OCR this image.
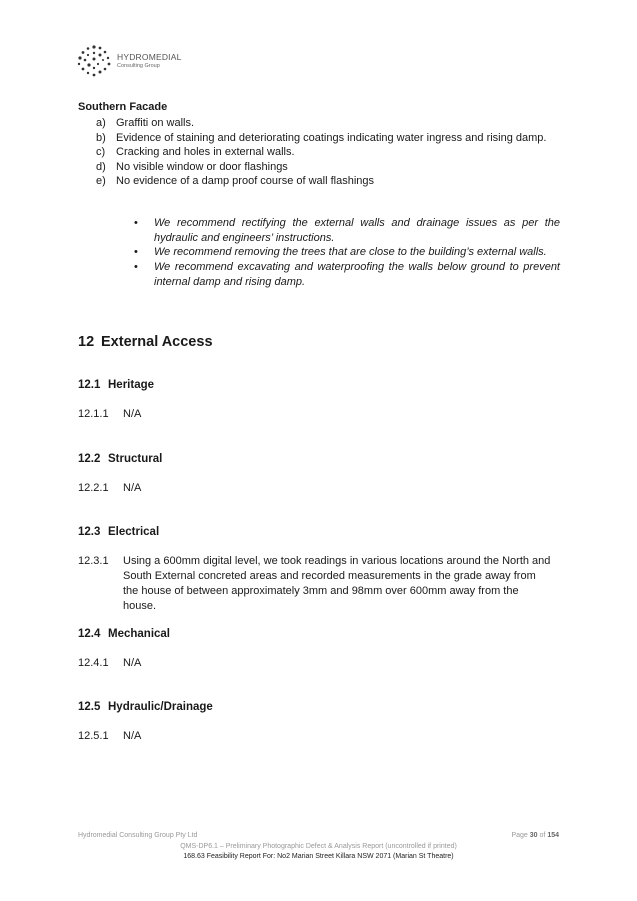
HYDROMEDIAL
Consulting Group
Southern Facade
a) Graffiti on walls.
b) Evidence of staining and deteriorating coatings indicating water ingress and rising damp.
c) Cracking and holes in external walls.
d) No visible window or door flashings
e) No evidence of a damp proof course of wall flashings
•	We recommend rectifying the external walls and drainage issues as per the hydraulic and engineers’ instructions.
•	We recommend removing the trees that are close to the building’s external walls.
•	We recommend excavating and waterproofing the walls below ground to prevent internal damp and rising damp.
12 External Access
12.1 Heritage
12.1.1	N/A
12.2 Structural
12.2.1	N/A
12.3 Electrical
12.3.1	Using a 600mm digital level, we took readings in various locations around the North and South External concreted areas and recorded measurements in the grade away from the house of between approximately 3mm and 98mm over 600mm away from the house.
12.4 Mechanical
12.4.1	N/A
12.5 Hydraulic/Drainage
12.5.1	N/A
Hydromedial Consulting Group Pty Ltd	Page 30 of 154
QMS-DP6.1 – Preliminary Photographic Defect & Analysis Report (uncontrolled if printed)
168.63 Feasibility Report For: No2 Marian Street Killara NSW 2071 (Marian St Theatre)
